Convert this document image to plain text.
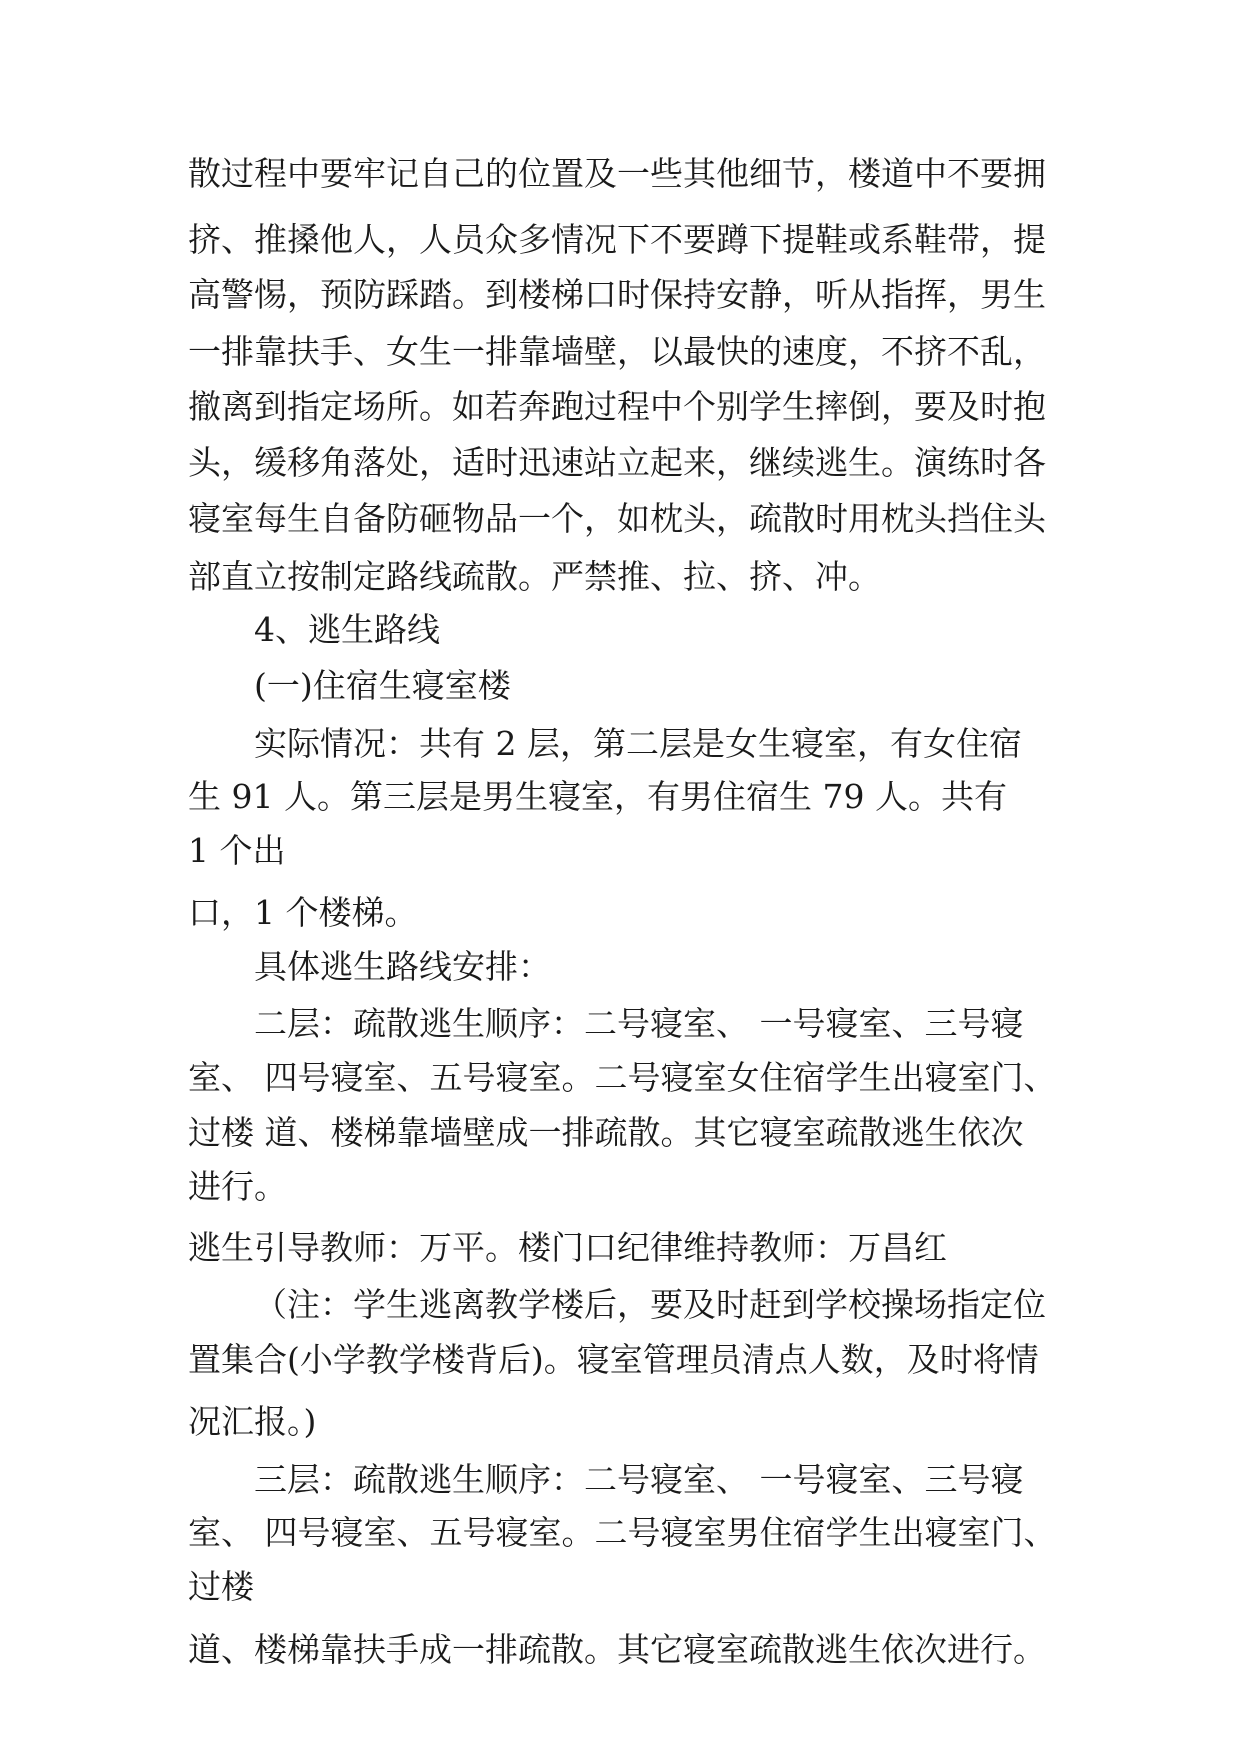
散过程中要牢记自己的位置及一些其他细节，楼道中不要拥
挤、推搡他人，人员众多情况下不要蹲下提鞋或系鞋带，提
高警惕，预防踩踏。到楼梯口时保持安静，听从指挥，男生
一排靠扶手、女生一排靠墙壁，以最快的速度，不挤不乱，
撤离到指定场所。如若奔跑过程中个别学生摔倒，要及时抱
头，缓移角落处，适时迅速站立起来，继续逃生。演练时各
寝室每生自备防砸物品一个，如枕头，疏散时用枕头挡住头
部直立按制定路线疏散。严禁推、拉、挤、冲。
4、逃生路线
(一)住宿生寝室楼
实际情况：共有 2 层，第二层是女生寝室，有女住宿
生 91 人。第三层是男生寝室，有男住宿生 79 人。共有
1 个出
口，1 个楼梯。
具体逃生路线安排：
二层：疏散逃生顺序：二号寝室、 一号寝室、三号寝
室、 四号寝室、五号寝室。二号寝室女住宿学生出寝室门、
过楼 道、楼梯靠墙壁成一排疏散。其它寝室疏散逃生依次
进行。
逃生引导教师：万平。楼门口纪律维持教师：万昌红
（注：学生逃离教学楼后，要及时赶到学校操场指定位
置集合(小学教学楼背后)。寝室管理员清点人数，及时将情
况汇报。)
三层：疏散逃生顺序：二号寝室、 一号寝室、三号寝
室、 四号寝室、五号寝室。二号寝室男住宿学生出寝室门、
过楼
道、楼梯靠扶手成一排疏散。其它寝室疏散逃生依次进行。
